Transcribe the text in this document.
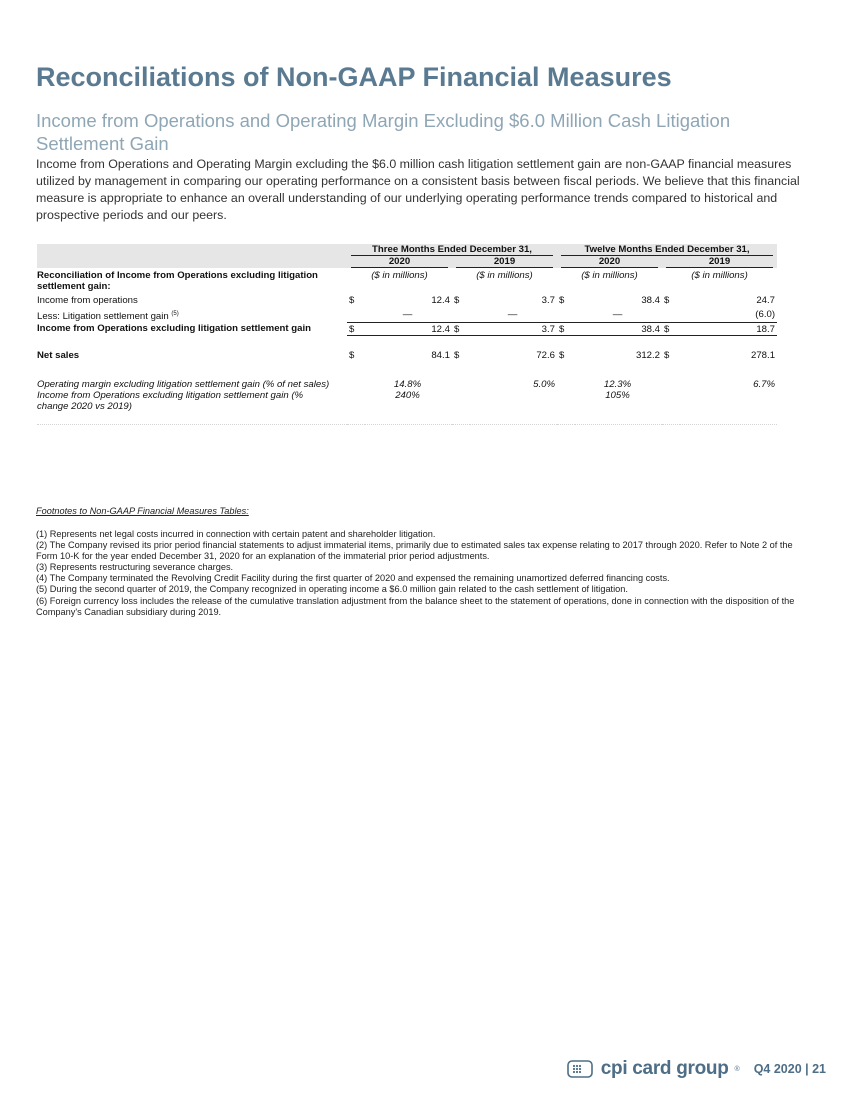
Reconciliations of Non-GAAP Financial Measures
Income from Operations and Operating Margin Excluding $6.0 Million Cash Litigation Settlement Gain

Income from Operations and Operating Margin excluding the $6.0 million cash litigation settlement gain are non-GAAP financial measures utilized by management in comparing our operating performance on a consistent basis between fiscal periods. We believe that this financial measure is appropriate to enhance an overall understanding of our underlying operating performance trends compared to historical and prospective periods and our peers.

	Three Months Ended December 31,				Twelve Months Ended December 31,			

	2020		2019		2020		2019	

Reconciliation of Income from Operations excluding litigation settlement gain:	($ in millions)		($ in millions)		($ in millions)		($ in millions)	
Income from operations	$	12.4	$	3.7	$	38.4	$	24.7
Less: Litigation settlement gain $^{(5)}$		—		—		—		(6.0)
Income from Operations excluding litigation settlement gain	$	12.4	$	3.7	$	38.4	$	18.7

Net sales	$	84.1	$	72.6	$	312.2	$	278.1

Operating margin excluding litigation settlement gain (% of net sales)		14.8%		5.0%		12.3%		6.7%
Income from Operations excluding litigation settlement gain (% change 2020 vs 2019)		240%				105%		

Footnotes to Non-GAAP Financial Measures Tables:

(1) Represents net legal costs incurred in connection with certain patent and shareholder litigation.
(2) The Company revised its prior period financial statements to adjust immaterial items, primarily due to estimated sales tax expense relating to 2017 through 2020. Refer to Note 2 of the Form 10-K for the year ended December 31, 2020 for an explanation of the immaterial prior period adjustments.
(3) Represents restructuring severance charges.
(4) The Company terminated the Revolving Credit Facility during the first quarter of 2020 and expensed the remaining unamortized deferred financing costs.
(5) During the second quarter of 2019, the Company recognized in operating income a $6.0 million gain related to the cash settlement of litigation.
(6) Foreign currency loss includes the release of the cumulative translation adjustment from the balance sheet to the statement of operations, done in connection with the disposition of the Company's Canadian subsidiary during 2019.
cpi card group ® Q4 2020 | 21
